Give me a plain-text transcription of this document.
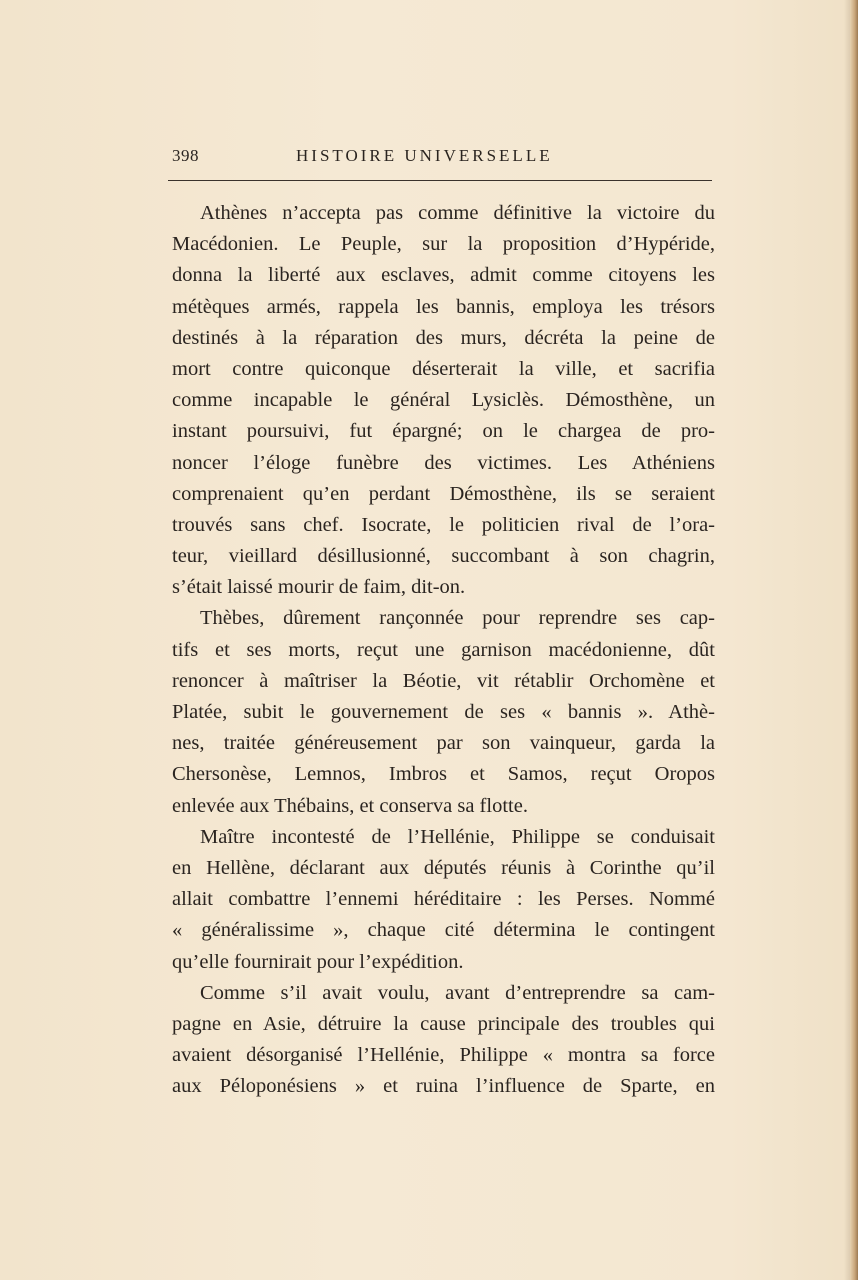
398	HISTOIRE UNIVERSELLE
Athènes n’accepta pas comme définitive la victoire du
Macédonien. Le Peuple, sur la proposition d’Hypéride,
donna la liberté aux esclaves, admit comme citoyens les
métèques armés, rappela les bannis, employa les trésors
destinés à la réparation des murs, décréta la peine de
mort contre quiconque déserterait la ville, et sacrifia
comme incapable le général Lysiclès. Démosthène, un
instant poursuivi, fut épargné; on le chargea de pro-
noncer l’éloge funèbre des victimes. Les Athéniens
comprenaient qu’en perdant Démosthène, ils se seraient
trouvés sans chef. Isocrate, le politicien rival de l’ora-
teur, vieillard désillusionné, succombant à son chagrin,
s’était laissé mourir de faim, dit-on.
Thèbes, dûrement rançonnée pour reprendre ses cap-
tifs et ses morts, reçut une garnison macédonienne, dût
renoncer à maîtriser la Béotie, vit rétablir Orchomène et
Platée, subit le gouvernement de ses « bannis ». Athè-
nes, traitée généreusement par son vainqueur, garda la
Chersonèse, Lemnos, Imbros et Samos, reçut Oropos
enlevée aux Thébains, et conserva sa flotte.
Maître incontesté de l’Hellénie, Philippe se conduisait
en Hellène, déclarant aux députés réunis à Corinthe qu’il
allait combattre l’ennemi héréditaire : les Perses. Nommé
« généralissime », chaque cité détermina le contingent
qu’elle fournirait pour l’expédition.
Comme s’il avait voulu, avant d’entreprendre sa cam-
pagne en Asie, détruire la cause principale des troubles qui
avaient désorganisé l’Hellénie, Philippe « montra sa force
aux Péloponésiens » et ruina l’influence de Sparte, en
